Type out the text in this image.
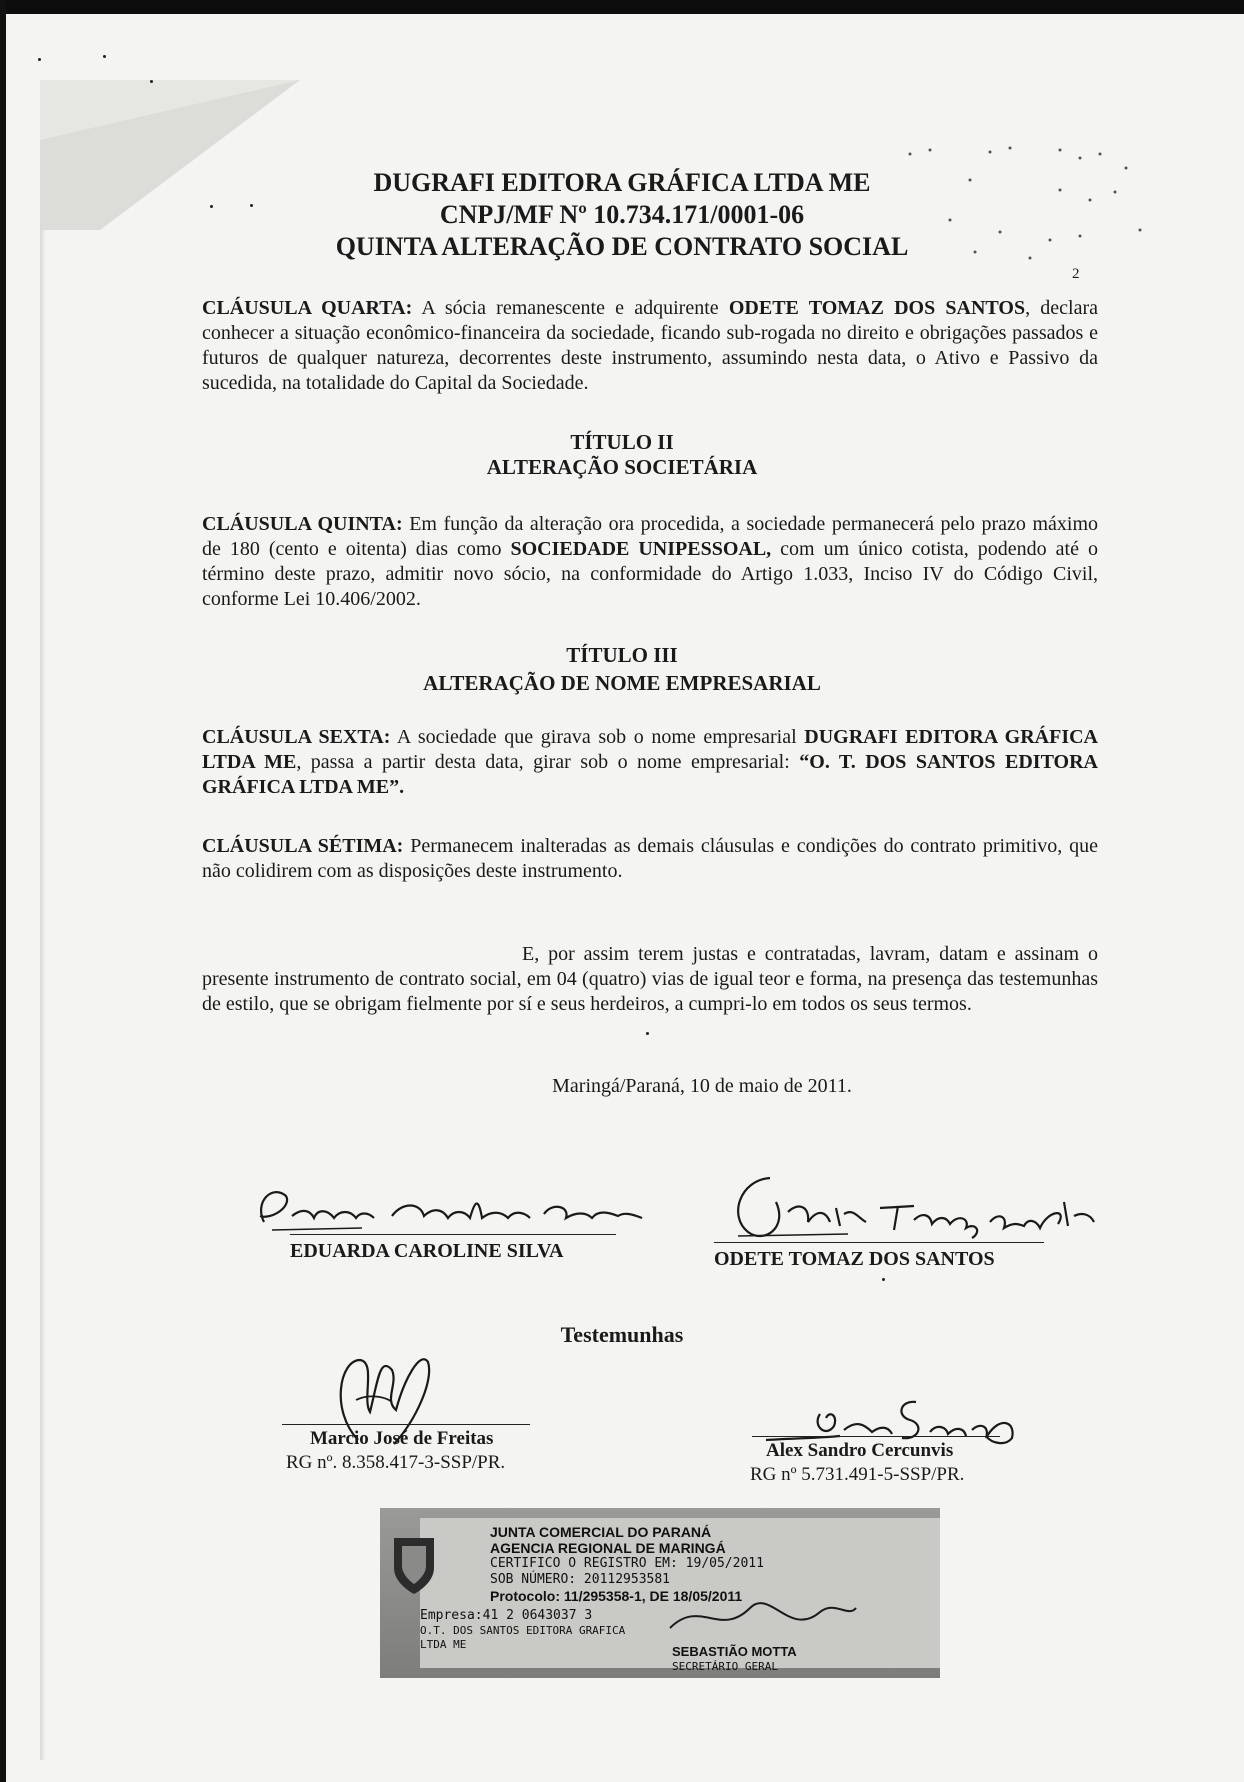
DUGRAFI EDITORA GRÁFICA LTDA ME
CNPJ/MF Nº 10.734.171/0001-06
QUINTA ALTERAÇÃO DE CONTRATO SOCIAL
2
CLÁUSULA QUARTA: A sócia remanescente e adquirente ODETE TOMAZ DOS SANTOS, declara conhecer a situação econômico-financeira da sociedade, ficando sub-rogada no direito e obrigações passados e futuros de qualquer natureza, decorrentes deste instrumento, assumindo nesta data, o Ativo e Passivo da sucedida, na totalidade do Capital da Sociedade.
TÍTULO II
ALTERAÇÃO SOCIETÁRIA
CLÁUSULA QUINTA: Em função da alteração ora procedida, a sociedade permanecerá pelo prazo máximo de 180 (cento e oitenta) dias como SOCIEDADE UNIPESSOAL, com um único cotista, podendo até o término deste prazo, admitir novo sócio, na conformidade do Artigo 1.033, Inciso IV do Código Civil, conforme Lei 10.406/2002.
TÍTULO III
ALTERAÇÃO DE NOME EMPRESARIAL
CLÁUSULA SEXTA: A sociedade que girava sob o nome empresarial DUGRAFI EDITORA GRÁFICA LTDA ME, passa a partir desta data, girar sob o nome empresarial: “O. T. DOS SANTOS EDITORA GRÁFICA LTDA ME”.
CLÁUSULA SÉTIMA: Permanecem inalteradas as demais cláusulas e condições do contrato primitivo, que não colidirem com as disposições deste instrumento.
E, por assim terem justas e contratadas, lavram, datam e assinam o presente instrumento de contrato social, em 04 (quatro) vias de igual teor e forma, na presença das testemunhas de estilo, que se obrigam fielmente por sí e seus herdeiros, a cumpri-lo em todos os seus termos.
Maringá/Paraná, 10 de maio de 2011.
EDUARDA CAROLINE SILVA	ODETE TOMAZ DOS SANTOS
Testemunhas
Marcio José de Freitas
RG nº. 8.358.417-3-SSP/PR.
Alex Sandro Cercunvis
RG nº 5.731.491-5-SSP/PR.
JUNTA COMERCIAL DO PARANÁ
AGENCIA REGIONAL DE MARINGÁ
CERTIFICO O REGISTRO EM: 19/05/2011
SOB NÚMERO: 20112953581
Protocolo: 11/295358-1, DE 18/05/2011
Empresa:41 2 0643037 3
O.T. DOS SANTOS EDITORA GRAFICA
LTDA ME	SEBASTIÃO MOTTA
SECRETÁRIO GERAL
